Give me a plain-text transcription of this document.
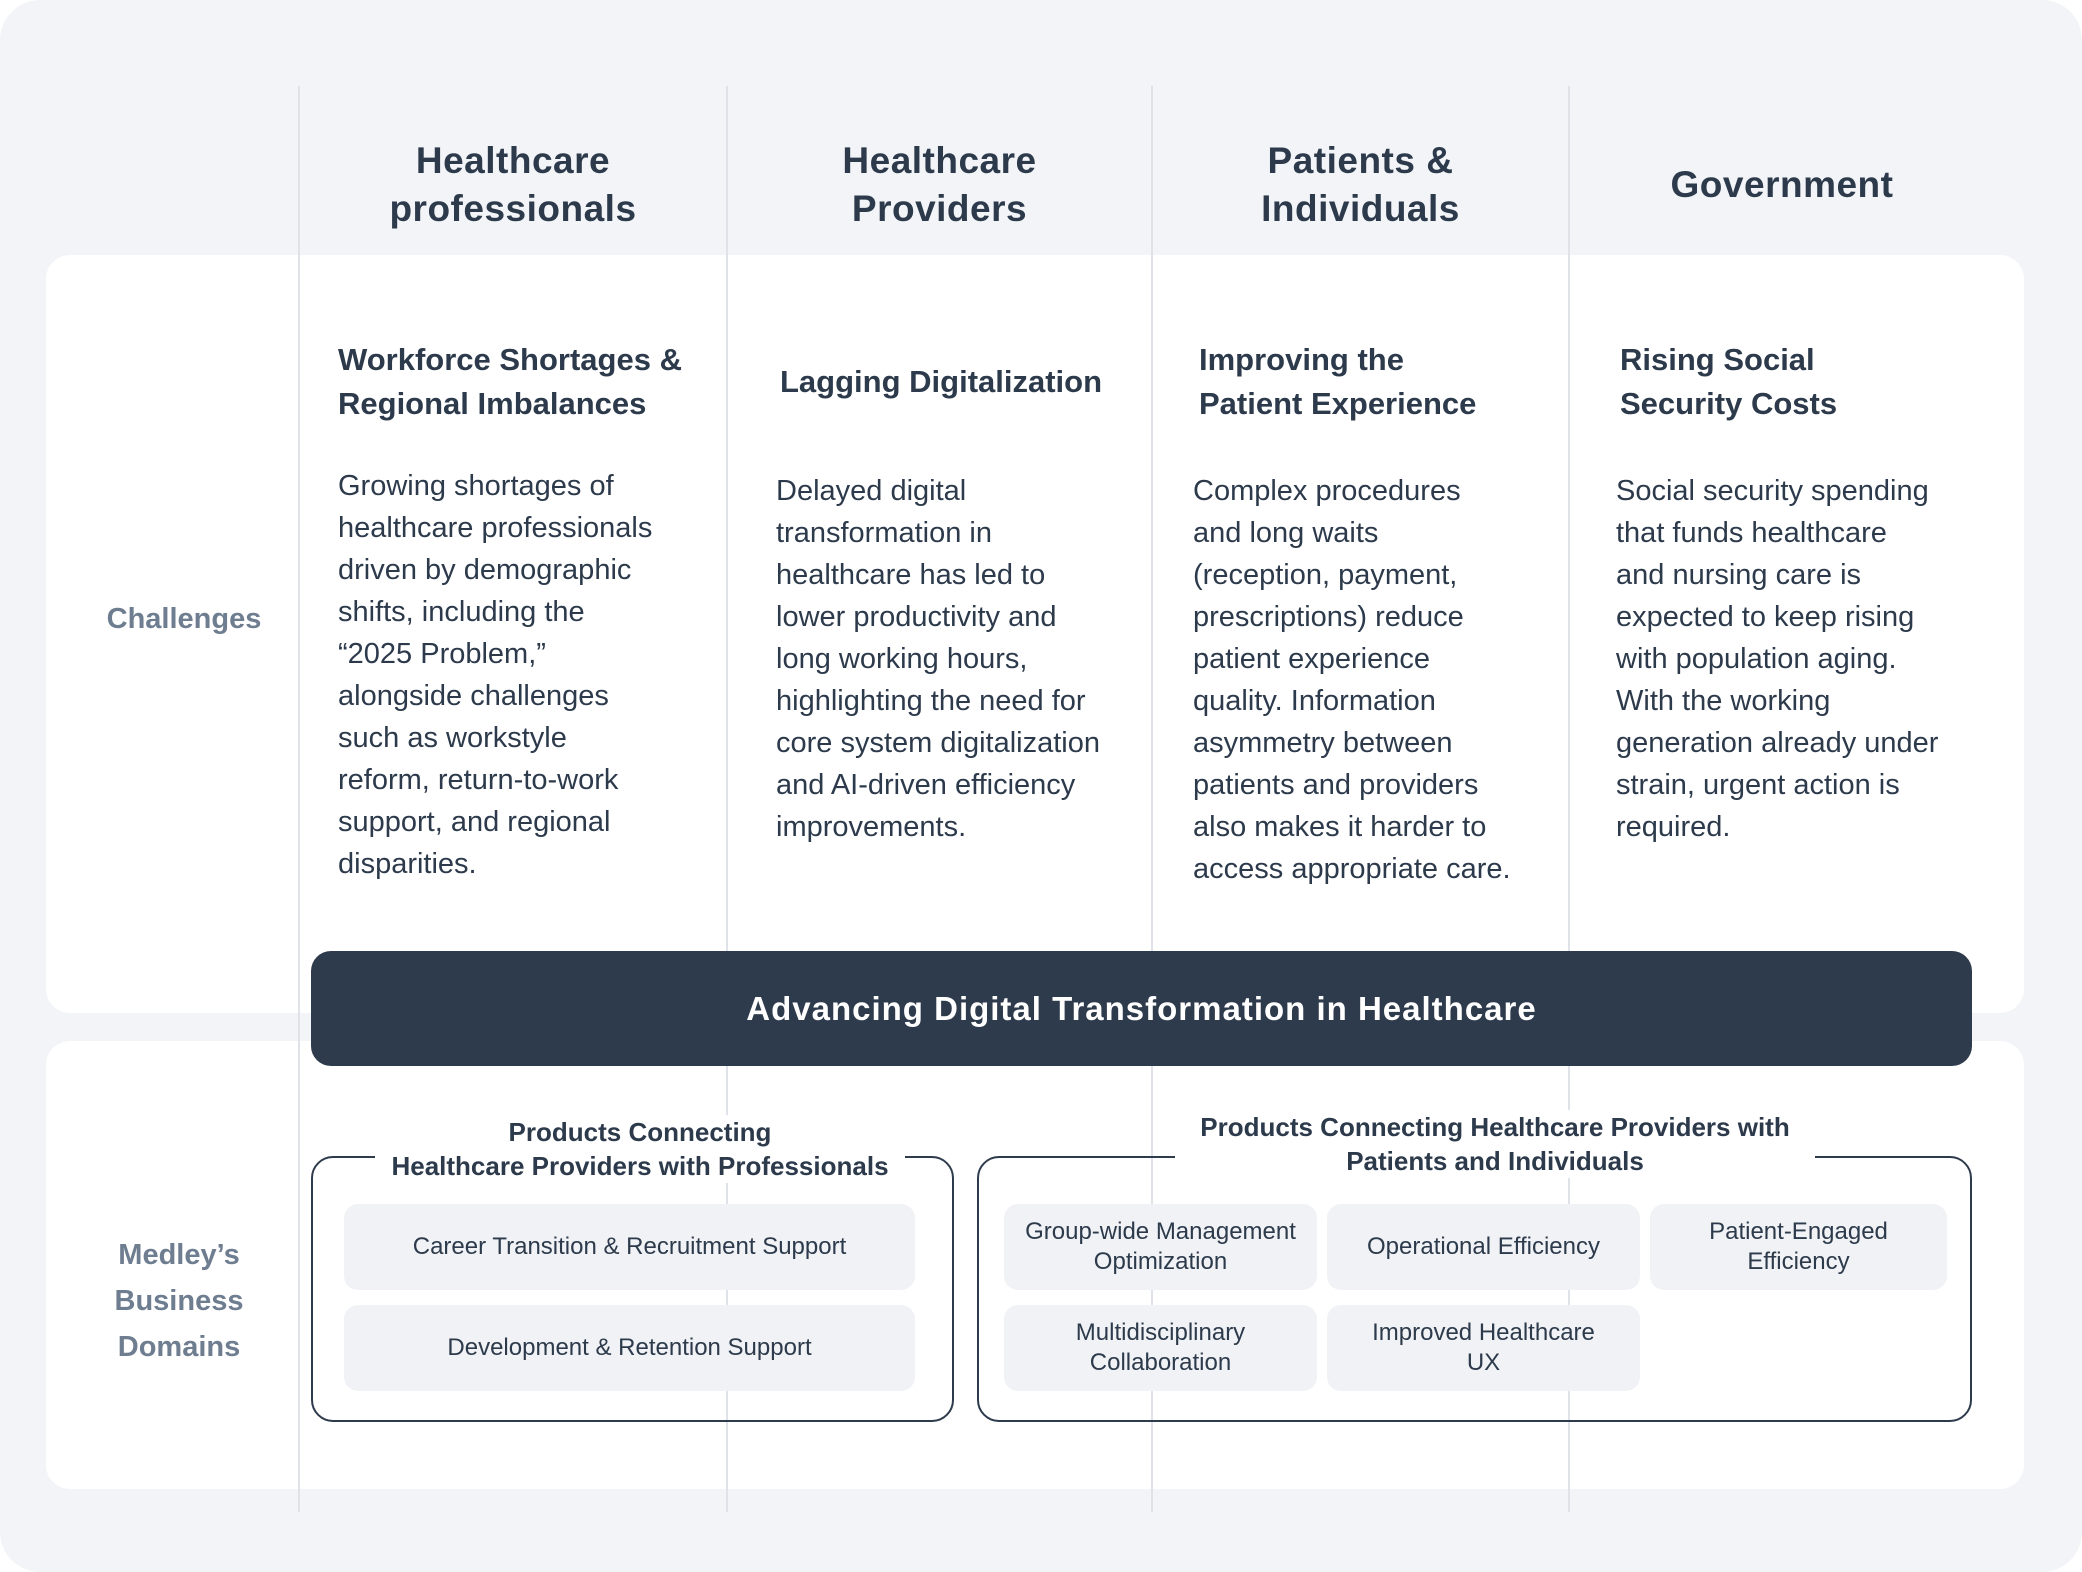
Healthcare
professionals
Healthcare
Providers
Patients &
Individuals
Government
Challenges
Medley’s
Business
Domains
Workforce Shortages &
Regional Imbalances
Growing shortages of
healthcare professionals
driven by demographic
shifts, including the
“2025 Problem,”
alongside challenges
such as workstyle
reform, return-to-work
support, and regional
disparities.
Lagging Digitalization
Delayed digital
transformation in
healthcare has led to
lower productivity and
long working hours,
highlighting the need for
core system digitalization
and AI-driven efficiency
improvements.
Improving the
Patient Experience
Complex procedures
and long waits
(reception, payment,
prescriptions) reduce
patient experience
quality. Information
asymmetry between
patients and providers
also makes it harder to
access appropriate care.
Rising Social
Security Costs
Social security spending
that funds healthcare
and nursing care is
expected to keep rising
with population aging.
With the working
generation already under
strain, urgent action is
required.
Advancing Digital Transformation in Healthcare
Products Connecting
Healthcare Providers with Professionals
Career Transition & Recruitment Support
Development & Retention Support
Products Connecting Healthcare Providers with
Patients and Individuals
Group-wide Management
Optimization
Operational Efficiency
Patient-Engaged
Efficiency
Multidisciplinary
Collaboration
Improved Healthcare
UX
